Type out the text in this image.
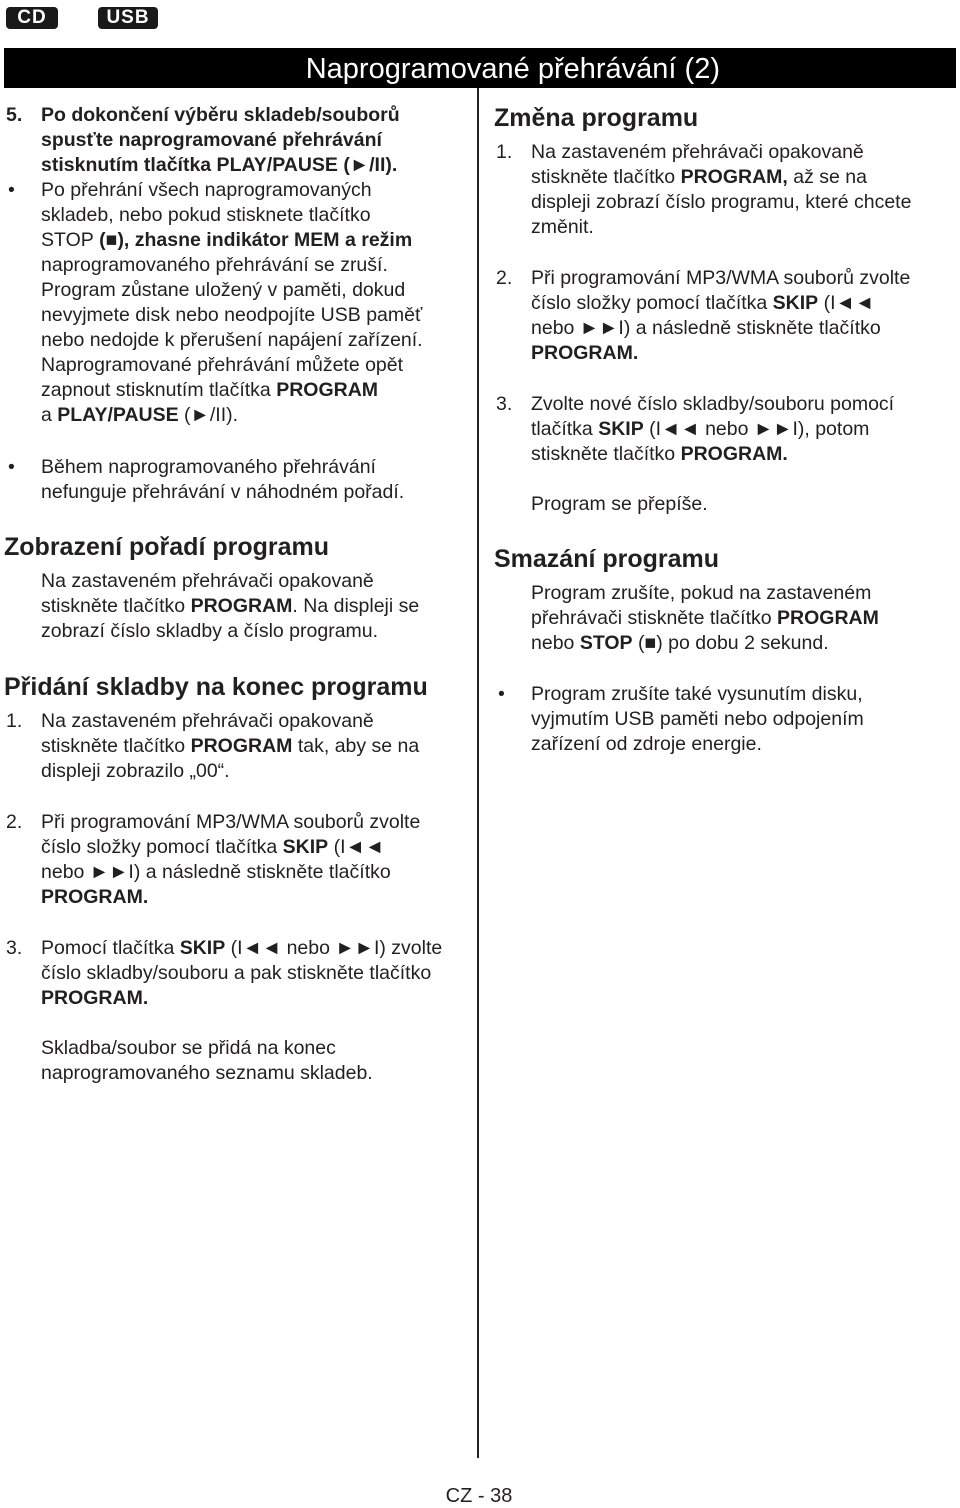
CD	USB
Naprogramované přehrávání (2)
5. Po dokončení výběru skladeb/souborů
spusťte naprogramované přehrávání
stisknutím tlačítka PLAY/PAUSE (►/II).
• Po přehrání všech naprogramovaných
skladeb, nebo pokud stisknete tlačítko
STOP (■), zhasne indikátor MEM a režim
naprogramovaného přehrávání se zruší.
Program zůstane uložený v paměti, dokud
nevyjmete disk nebo neodpojíte USB paměť
nebo nedojde k přerušení napájení zařízení.
Naprogramované přehrávání můžete opět
zapnout stisknutím tlačítka PROGRAM
a PLAY/PAUSE (►/II).
• Během naprogramovaného přehrávání
nefunguje přehrávání v náhodném pořadí.
Zobrazení pořadí programu
Na zastaveném přehrávači opakovaně
stiskněte tlačítko PROGRAM. Na displeji se
zobrazí číslo skladby a číslo programu.
Přidání skladby na konec programu
1. Na zastaveném přehrávači opakovaně
stiskněte tlačítko PROGRAM tak, aby se na
displeji zobrazilo „00“.
2. Při programování MP3/WMA souborů zvolte
číslo složky pomocí tlačítka SKIP (I◄◄
nebo ►►I) a následně stiskněte tlačítko
PROGRAM.
3. Pomocí tlačítka SKIP (I◄◄ nebo ►►I) zvolte
číslo skladby/souboru a pak stiskněte tlačítko
PROGRAM.
Skladba/soubor se přidá na konec
naprogramovaného seznamu skladeb.
Změna programu
1. Na zastaveném přehrávači opakovaně
stiskněte tlačítko PROGRAM, až se na
displeji zobrazí číslo programu, které chcete
změnit.
2. Při programování MP3/WMA souborů zvolte
číslo složky pomocí tlačítka SKIP (I◄◄
nebo ►►I) a následně stiskněte tlačítko
PROGRAM.
3. Zvolte nové číslo skladby/souboru pomocí
tlačítka SKIP (I◄◄ nebo ►►I), potom
stiskněte tlačítko PROGRAM.
Program se přepíše.
Smazání programu
Program zrušíte, pokud na zastaveném
přehrávači stiskněte tlačítko PROGRAM
nebo STOP (■) po dobu 2 sekund.
• Program zrušíte také vysunutím disku,
vyjmutím USB paměti nebo odpojením
zařízení od zdroje energie.
CZ - 38
